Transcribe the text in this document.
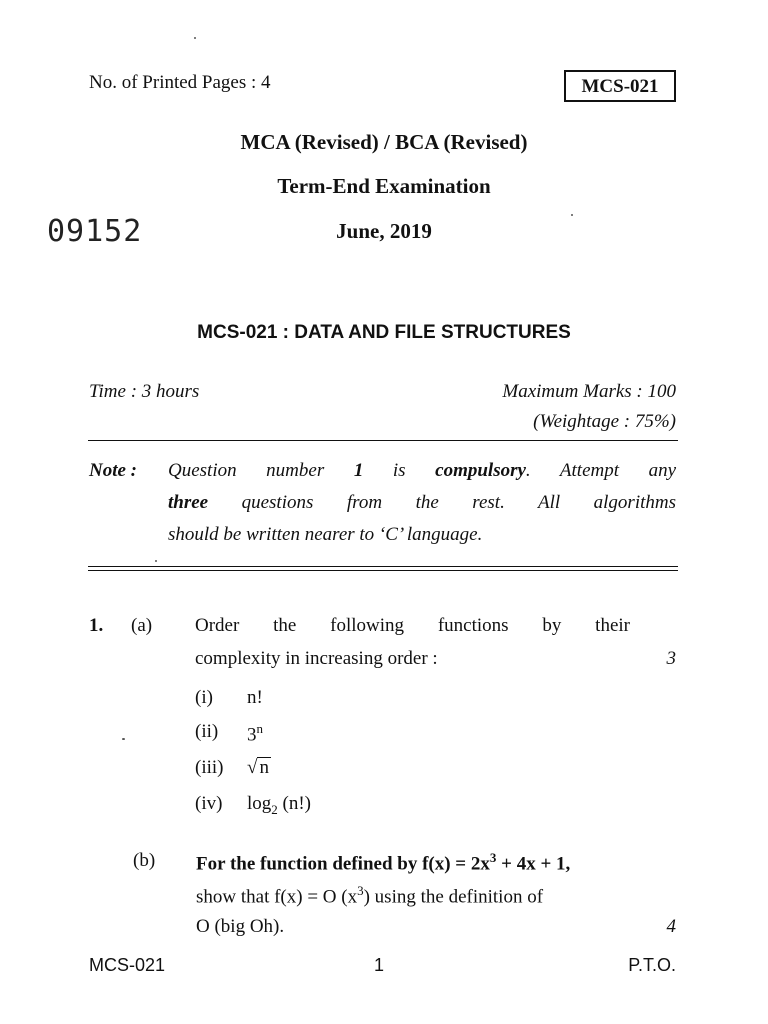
No. of Printed Pages : 4	MCS-021
MCA (Revised) / BCA (Revised)
Term-End Examination
09152	June, 2019
MCS-021 : DATA AND FILE STRUCTURES
Time : 3 hours	Maximum Marks : 100
(Weightage : 75%)
Note : Question number 1 is compulsory. Attempt any
three questions from the rest. All algorithms
should be written nearer to ‘C’ language.
1. (a) Order the following functions by their
complexity in increasing order :	3
(i) n!
(ii) 3$^n$
(iii) √ n
(iv) $\log_2 (n!)$
(b) For the function defined by $f(x) = 2x^3 + 4x + 1$,
show that f(x) = O $(x^3)$ using the definition of
O (big Oh).	4
MCS-021	1	P.T.O.
